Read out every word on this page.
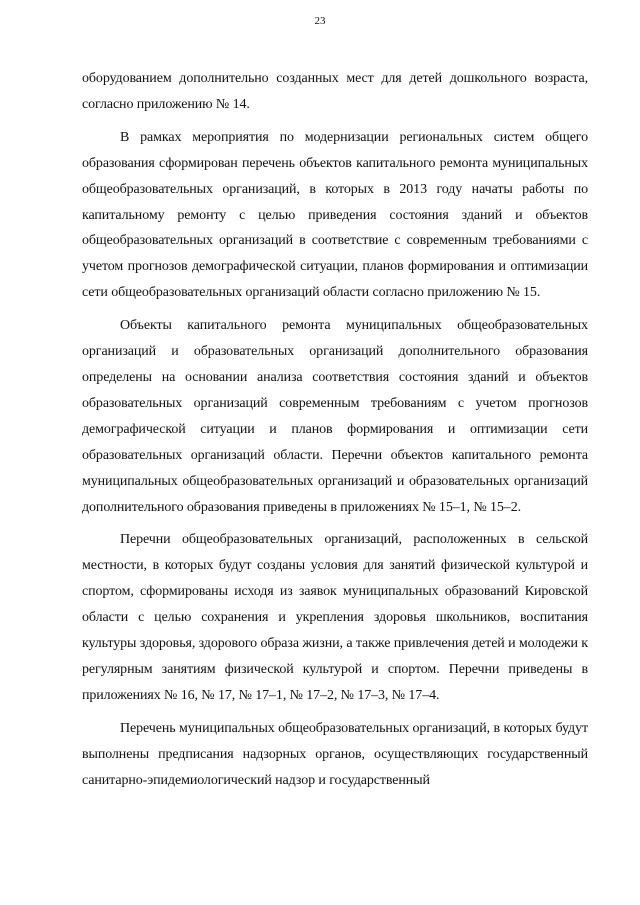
23

оборудованием дополнительно созданных мест для детей дошкольного возраста, согласно приложению № 14.

В рамках мероприятия по модернизации региональных систем общего образования сформирован перечень объектов капитального ремонта муниципальных общеобразовательных организаций, в которых в 2013 году начаты работы по капитальному ремонту с целью приведения состояния зданий и объектов общеобразовательных организаций в соответствие с современным требованиями с учетом прогнозов демографической ситуации, планов формирования и оптимизации сети общеобразовательных организаций области согласно приложению № 15.

Объекты капитального ремонта муниципальных общеобразовательных организаций и образовательных организаций дополнительного образования определены на основании анализа соответствия состояния зданий и объектов образовательных организаций современным требованиям с учетом прогнозов демографической ситуации и планов формирования и оптимизации сети образовательных организаций области. Перечни объектов капитального ремонта муниципальных общеобразовательных организаций и образовательных организаций дополнительного образования приведены в приложениях № 15–1, № 15–2.

Перечни общеобразовательных организаций, расположенных в сельской местности, в которых будут созданы условия для занятий физической культурой и спортом, сформированы исходя из заявок муниципальных образований Кировской области с целью сохранения и укрепления здоровья школьников, воспитания культуры здоровья, здорового образа жизни, а также привлечения детей и молодежи к регулярным занятиям физической культурой и спортом. Перечни приведены в приложениях № 16, № 17, № 17–1, № 17–2, № 17–3, № 17–4.

Перечень муниципальных общеобразовательных организаций, в которых будут выполнены предписания надзорных органов, осуществляющих государственный санитарно-эпидемиологический надзор и государственный
